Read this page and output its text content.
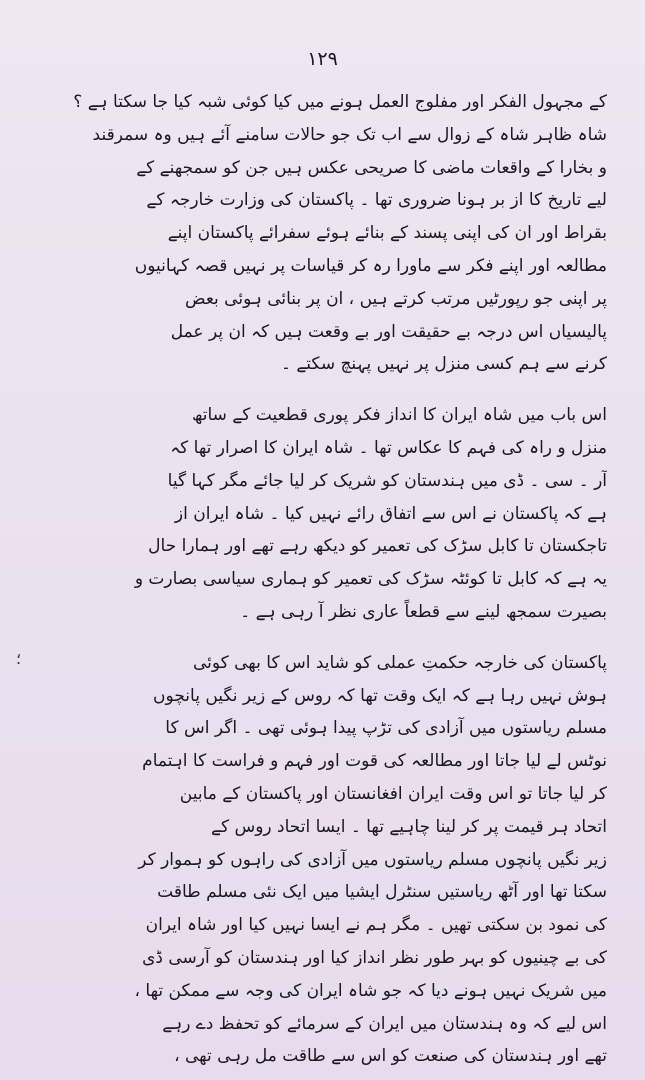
۱۲۹
کے مجہول الفکر اور مفلوج العمل ہونے میں کیا کوئی شبہ کیا جا سکتا ہے ؟
شاہ ظاہر شاہ کے زوال سے اب تک جو حالات سامنے آئے ہیں وہ سمرقند
و بخارا کے واقعات ماضی کا صریحی عکس ہیں جن کو سمجھنے کے
لیے تاریخ کا از بر ہونا ضروری تھا ۔ پاکستان کی وزارت خارجہ کے
بقراط اور ان کی اپنی پسند کے بنائے ہوئے سفرائے پاکستان اپنے
مطالعہ اور اپنے فکر سے ماورا رہ کر قیاسات پر نہیں قصہ کہانیوں
پر اپنی جو رپورٹیں مرتب کرتے ہیں ، ان پر بنائی ہوئی بعض
پالیسیاں اس درجہ بے حقیقت اور بے وقعت ہیں کہ ان پر عمل
کرنے سے ہم کسی منزل پر نہیں پہنچ سکتے ۔
اس باب میں شاہ ایران کا انداز فکر پوری قطعیت کے ساتھ
منزل و راہ کی فہم کا عکاس تھا ۔ شاہ ایران کا اصرار تھا کہ
آر ۔ سی ۔ ڈی میں ہندستان کو شریک کر لیا جائے مگر کہا گیا
ہے کہ پاکستان نے اس سے اتفاق رائے نہیں کیا ۔ شاہ ایران از
تاجکستان تا کابل سڑک کی تعمیر کو دیکھ رہے تھے اور ہمارا حال
یہ ہے کہ کابل تا کوئٹہ سڑک کی تعمیر کو ہماری سیاسی بصارت و
بصیرت سمجھ لینے سے قطعاً عاری نظر آ رہی ہے ۔
؛	پاکستان کی خارجہ حکمتِ عملی کو شاید اس کا بھی کوئی
ہوش نہیں رہا ہے کہ ایک وقت تھا کہ روس کے زیر نگیں پانچوں
مسلم ریاستوں میں آزادی کی تڑپ پیدا ہوئی تھی ۔ اگر اس کا
نوٹس لے لیا جاتا اور مطالعہ کی قوت اور فہم و فراست کا اہتمام
کر لیا جاتا تو اس وقت ایران افغانستان اور پاکستان کے مابین
اتحاد ہر قیمت پر کر لینا چاہیے تھا ۔ ایسا اتحاد روس کے
زیر نگیں پانچوں مسلم ریاستوں میں آزادی کی راہوں کو ہموار کر
سکتا تھا اور آٹھ ریاستیں سنٹرل ایشیا میں ایک نئی مسلم طاقت
کی نمود بن سکتی تھیں ۔ مگر ہم نے ایسا نہیں کیا اور شاہ ایران
کی بے چینیوں کو بہر طور نظر انداز کیا اور ہندستان کو آرسی ڈی
میں شریک نہیں ہونے دیا کہ جو شاہ ایران کی وجہ سے ممکن تھا ،
اس لیے کہ وہ ہندستان میں ایران کے سرمائے کو تحفظ دے رہے
تھے اور ہندستان کی صنعت کو اس سے طاقت مل رہی تھی ،
